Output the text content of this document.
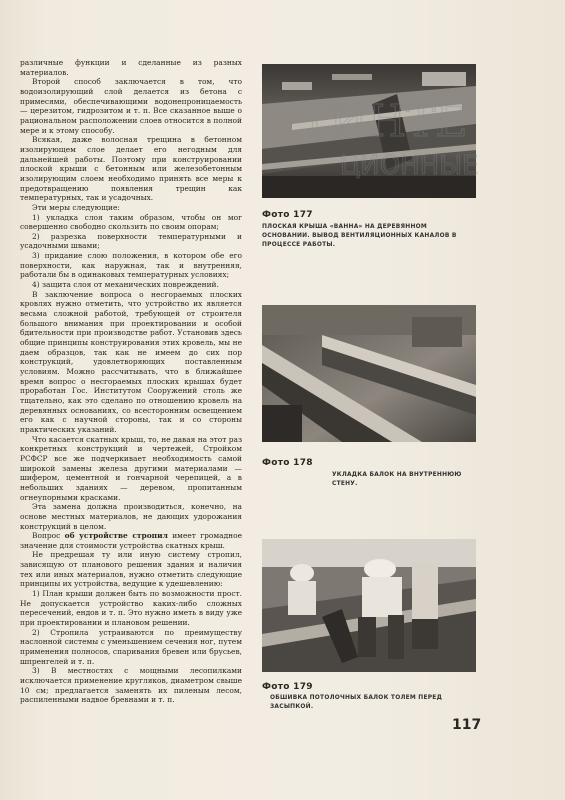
различные функции и сделанные из разных материалов.

Второй способ заключается в том, что водоизолирующий слой делается из бетона с примесями, обеспечивающими водонепроницаемость — церезитом, гидрозитом и т. п. Все сказанное выше о рациональном расположении слоев относится в полной мере и к этому способу.

Всякая, даже волосная трещина в бетонном изолирующем слое делает его негодным для дальнейшей работы. Поэтому при конструировании плоской крыши с бетонным или железобетонным изолирующим слоем необходимо принять все меры к предотвращению появления трещин как температурных, так и усадочных.

Эти меры следующие:

1) укладка слоя таким образом, чтобы он мог совершенно свободно скользить по своим опорам;

2) разрезка поверхности температурными и усадочными швами;

3) придание слою положения, в котором обе его поверхности, как наружная, так и внутренняя, работали бы в одинаковых температурных условиях;

4) защита слоя от механических повреждений.

В заключение вопроса о несгораемых плоских кровлях нужно отметить, что устройство их является весьма сложной работой, требующей от строителя большого внимания при проектировании и особой бдительности при производстве работ. Установив здесь общие принципы конструирования этих кровель, мы не даем образцов, так как не имеем до сих пор конструкций, удовлетворяющих поставленным условиям. Можно рассчитывать, что в ближайшее время вопрос о несгораемых плоских крышах будет проработан Гос. Институтом Сооружений столь же тщательно, как это сделано по отношению кровель на деревянных основаниях, со всесторонним освещением его как с научной стороны, так и со стороны практических указаний.

Что касается скатных крыш, то, не давая на этот раз конкретных конструкций и чертежей, Стройком РСФСР все же подчеркивает необходимость самой широкой замены железа другими материалами — шифером, цементной и гончарной черепицей, а в небольших зданиях — деревом, пропитанным огнеупорными красками.

Эта замена должна производиться, конечно, на основе местных материалов, не дающих удорожания конструкций в целом.

Вопрос об устройстве стропил имеет громадное значение для стоимости устройства скатных крыш.

Не предрешая ту или иную систему стропил, зависящую от планового решения здания и наличия тех или иных материалов, нужно отметить следующие принципы их устройства, ведущие к удешевлению:

1) План крыши должен быть по возможности прост. Не допускается устройство каких-либо сложных пересечений, ендов и т. п. Это нужно иметь в виду уже при проектировании и плановом решении.

2) Стропила устраиваются по преимуществу наслонной системы с уменьшением сечения ног, путем применения полносов, спаривания бревен или брусьев, шпренгелей и т. п.

3) В местностях с мощными лесопилками исключается применение кругляков, диаметром свыше 10 см; предлагается заменять их пиленым лесом, распиленными надвое бревнами и т. п.

Фото 177
ПЛОСКАЯ КРЫША «ВАННА» НА ДЕРЕВЯННОМ ОСНОВАНИИ. ВЫВОД ВЕНТИЛЯЦИОННЫХ КАНАЛОВ В ПРОЦЕССЕ РАБОТЫ.
Фото 178
УКЛАДКА БАЛОК НА ВНУТРЕННЮЮ СТЕНУ.
Фото 179
ОБШИВКА ПОТОЛОЧНЫХ БАЛОК ТОЛЕМ ПЕРЕД ЗАСЫПКОЙ.
ТИНТЕ
ЦИОННЫЕ
117
